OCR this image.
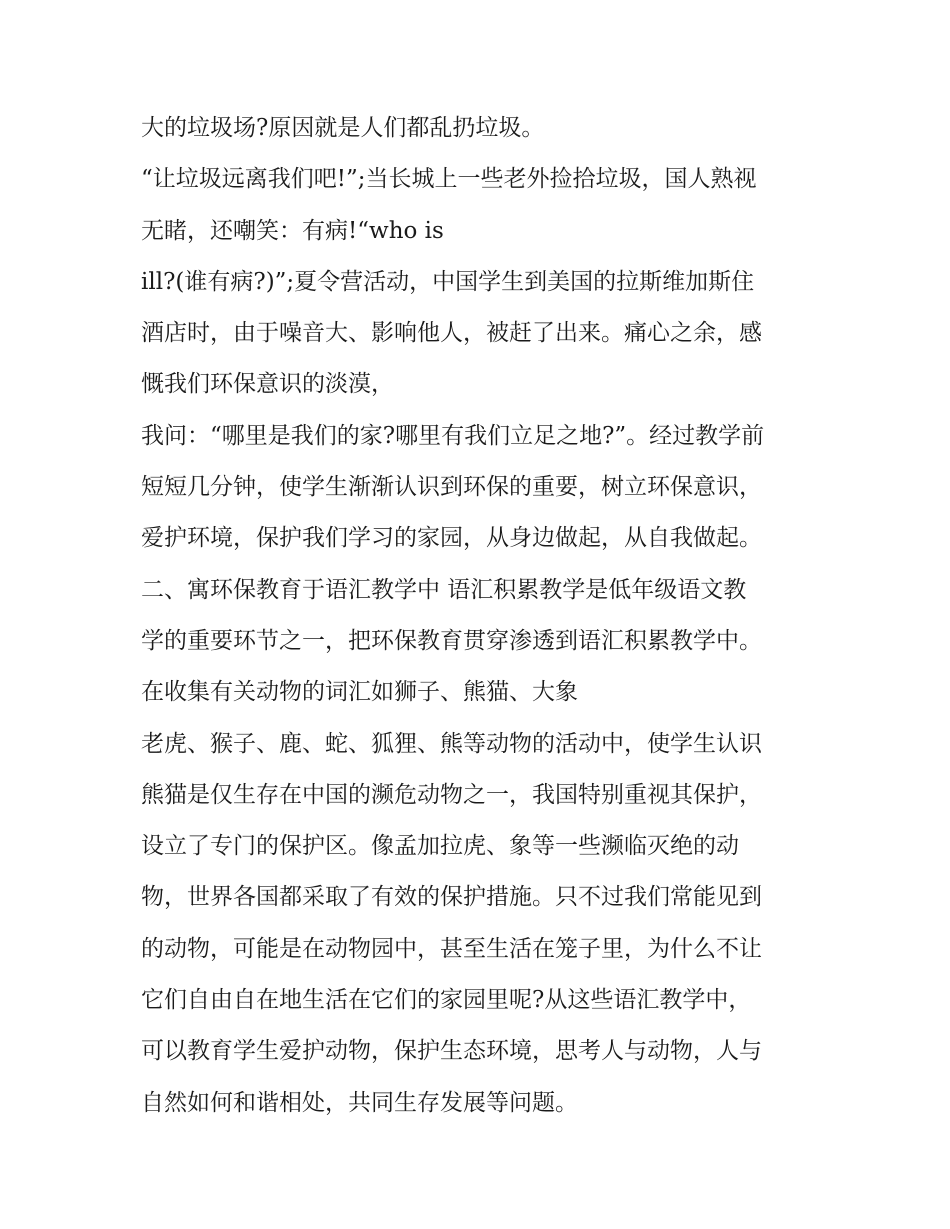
大的垃圾场?原因就是人们都乱扔垃圾。
“让垃圾远离我们吧!”;当长城上一些老外捡拾垃圾，国人熟视
无睹，还嘲笑：有病!“who is
ill?(谁有病?)”;夏令营活动，中国学生到美国的拉斯维加斯住
酒店时，由于噪音大、影响他人，被赶了出来。痛心之余，感
慨我们环保意识的淡漠，
我问：“哪里是我们的家?哪里有我们立足之地?”。经过教学前
短短几分钟，使学生渐渐认识到环保的重要，树立环保意识，
爱护环境，保护我们学习的家园，从身边做起，从自我做起。
二、寓环保教育于语汇教学中 语汇积累教学是低年级语文教
学的重要环节之一，把环保教育贯穿渗透到语汇积累教学中。
在收集有关动物的词汇如狮子、熊猫、大象
老虎、猴子、鹿、蛇、狐狸、熊等动物的活动中，使学生认识
熊猫是仅生存在中国的濒危动物之一，我国特别重视其保护，
设立了专门的保护区。像孟加拉虎、象等一些濒临灭绝的动
物，世界各国都采取了有效的保护措施。只不过我们常能见到
的动物，可能是在动物园中，甚至生活在笼子里，为什么不让
它们自由自在地生活在它们的家园里呢?从这些语汇教学中，
可以教育学生爱护动物，保护生态环境，思考人与动物，人与
自然如何和谐相处，共同生存发展等问题。
